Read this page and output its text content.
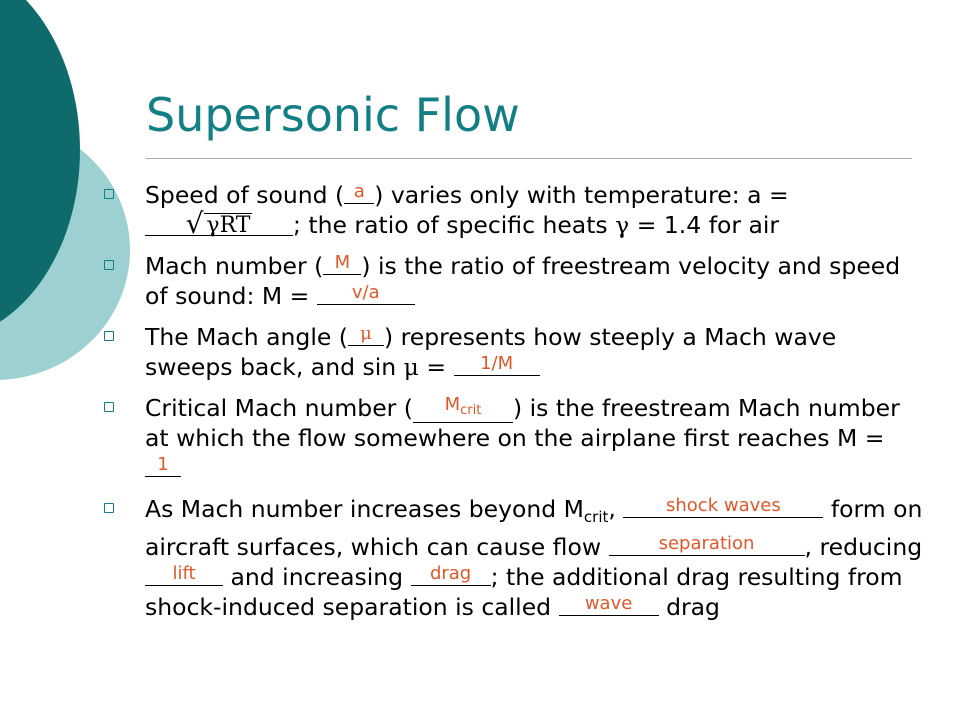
Supersonic Flow
Speed of sound ( a ) varies only with temperature: a =
√ γRT ; the ratio of specific heats γ = 1.4 for air
Mach number ( M ) is the ratio of freestream velocity and speed of sound: M = v/a
The Mach angle ( μ ) represents how steeply a Mach wave sweeps back, and sin μ = 1/M
Critical Mach number ( $M_{crit}$ ) is the freestream Mach number at which the flow somewhere on the airplane first reaches M = 1
As Mach number increases beyond $M_{crit}$,	shock waves form on aircraft surfaces, which can cause flow	separation , reducing lift and increasing drag ; the additional drag resulting from shock-induced separation is called wave drag
